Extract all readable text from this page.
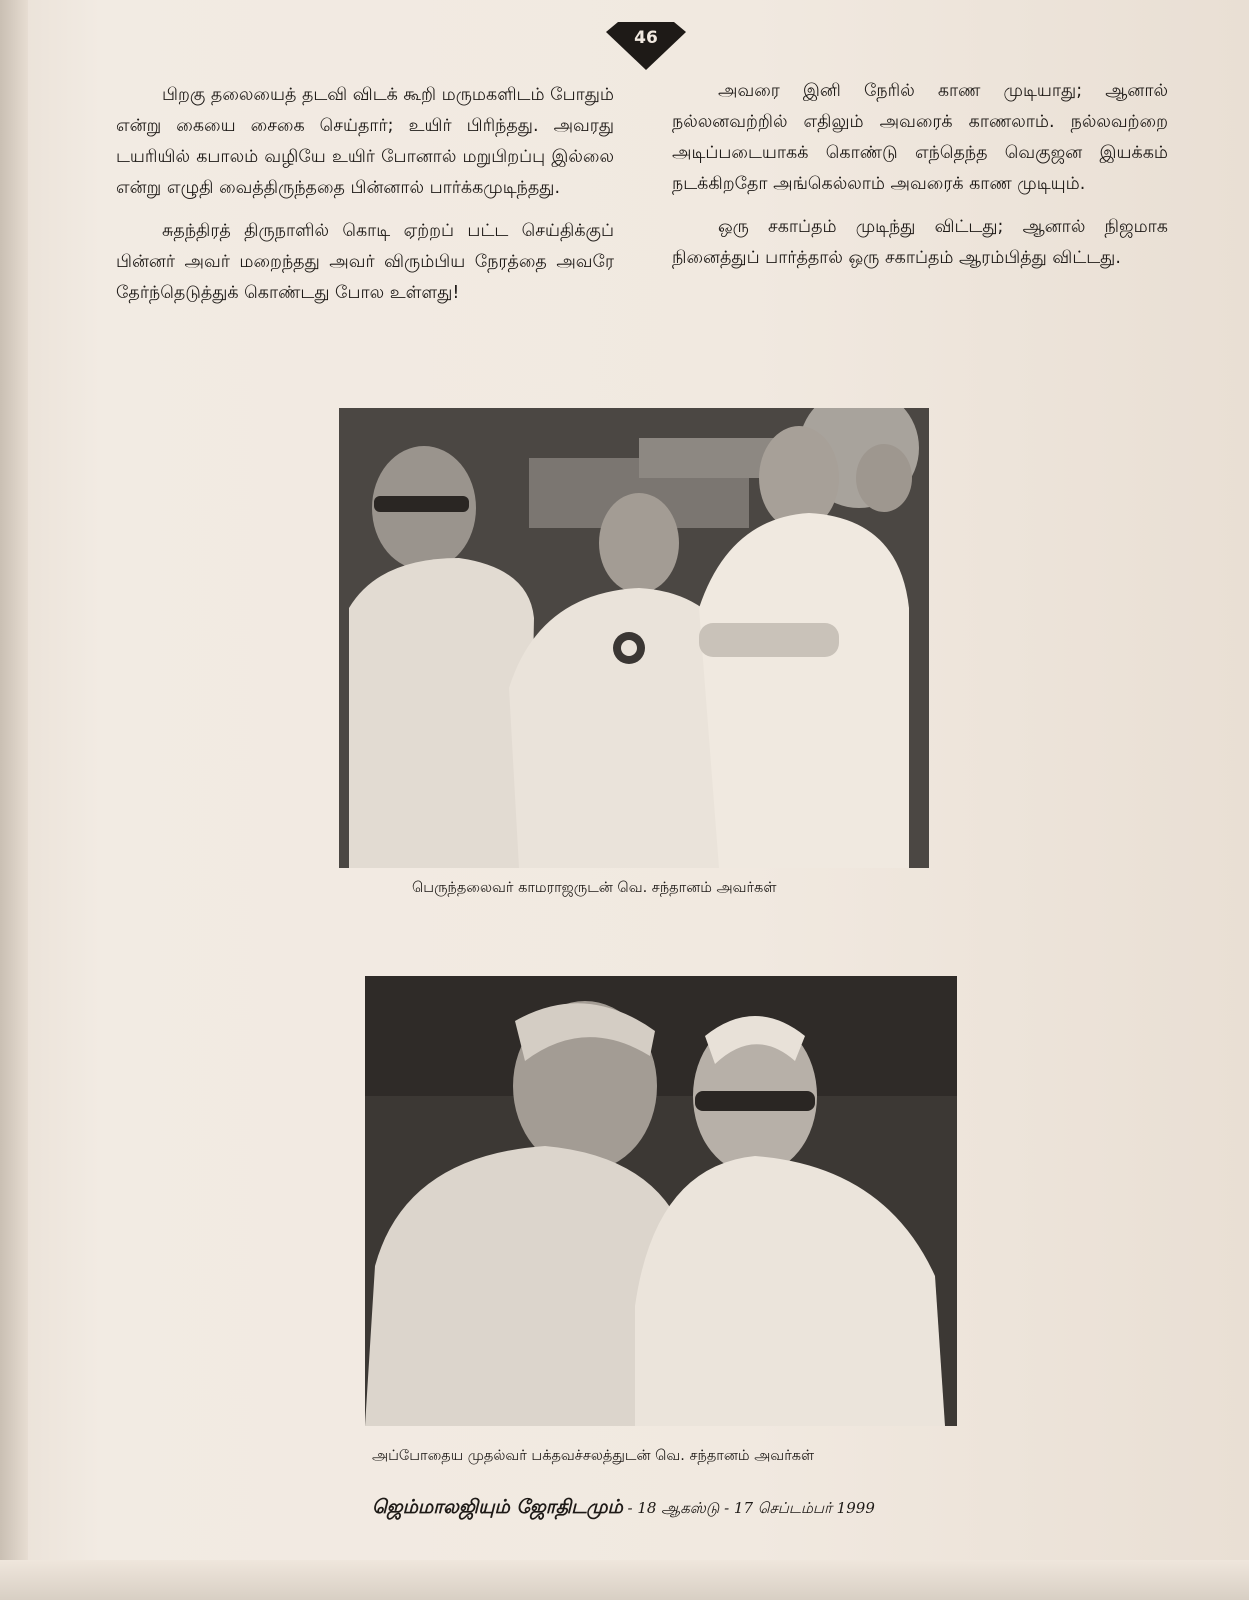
46

பிறகு தலையைத் தடவி விடக் கூறி மருமகளிடம் போதும் என்று கையை சைகை செய்தார்; உயிர் பிரிந்தது. அவரது டயரியில் கபாலம் வழியே உயிர் போனால் மறுபிறப்பு இல்லை என்று எழுதி வைத்திருந்ததை பின்னால் பார்க்கமுடிந்தது.

சுதந்திரத் திருநாளில் கொடி ஏற்றப் பட்ட செய்திக்குப் பின்னர் அவர் மறைந்தது அவர் விரும்பிய நேரத்தை அவரே தேர்ந்தெடுத்துக் கொண்டது போல உள்ளது!

அவரை இனி நேரில் காண முடியாது; ஆனால் நல்லனவற்றில் எதிலும் அவரைக் காணலாம். நல்லவற்றை அடிப்படையாகக் கொண்டு எந்தெந்த வெகுஜன இயக்கம் நடக்கிறதோ அங்கெல்லாம் அவரைக் காண முடியும்.

ஒரு சகாப்தம் முடிந்து விட்டது; ஆனால் நிஜமாக நினைத்துப் பார்த்தால் ஒரு சகாப்தம் ஆரம்பித்து விட்டது.

பெருந்தலைவர் காமராஜருடன் வெ. சந்தானம் அவர்கள்
அப்போதைய முதல்வர் பக்தவச்சலத்துடன் வெ. சந்தானம் அவர்கள்
ஜெம்மாலஜியும் ஜோதிடமும் - 18 ஆகஸ்டு - 17 செப்டம்பர் 1999
